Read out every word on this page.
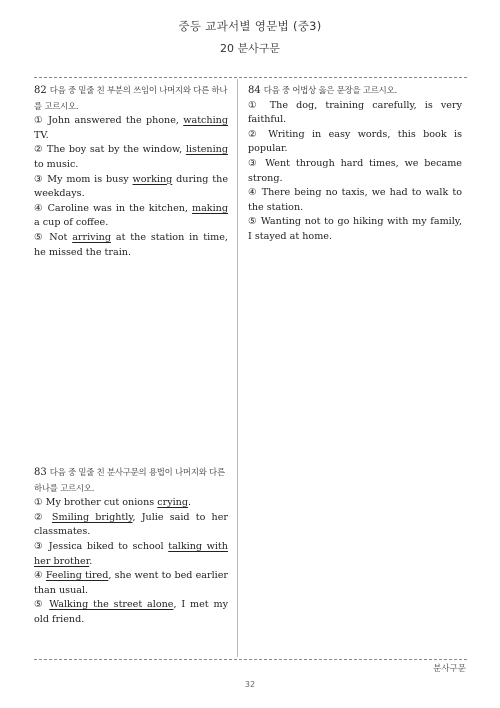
중등 교과서별 영문법 (중3)
20 분사구문

82 다음 중 밑줄 친 부분의 쓰임이 나머지와 다른 하나를 고르시오.

① John answered the phone, watching TV.
② The boy sat by the window, listening to music.
③ My mom is busy working during the weekdays.
④ Caroline was in the kitchen, making a cup of coffee.
⑤ Not arriving at the station in time, he missed the train.

83 다음 중 밑줄 친 분사구문의 용법이 나머지와 다른 하나를 고르시오.

① My brother cut onions crying.
② Smiling brightly, Julie said to her classmates.
③ Jessica biked to school talking with her brother.
④ Feeling tired, she went to bed earlier than usual.
⑤ Walking the street alone, I met my old friend.

84 다음 중 어법상 옳은 문장을 고르시오.

① The dog, training carefully, is very faithful.
② Writing in easy words, this book is popular.
③ Went through hard times, we became strong.
④ There being no taxis, we had to walk to the station.
⑤ Wanting not to go hiking with my family, I stayed at home.
분사구문
32
